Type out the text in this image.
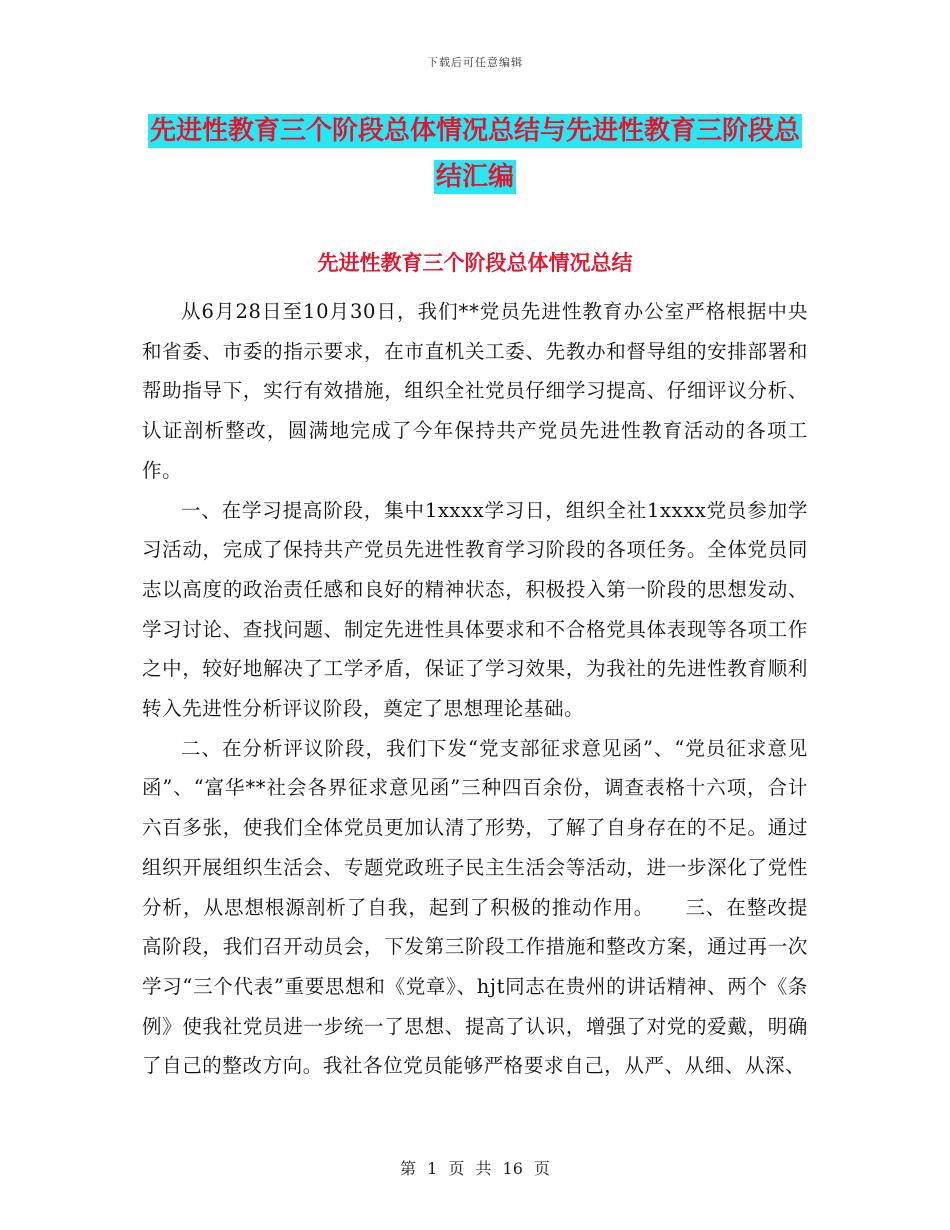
下载后可任意编辑
先进性教育三个阶段总体情况总结与先进性教育三阶段总结汇编
先进性教育三个阶段总体情况总结

从6月28日至10月30日，我们**党员先进性教育办公室严格根据中央和省委、市委的指示要求，在市直机关工委、先教办和督导组的安排部署和帮助指导下，实行有效措施，组织全社党员仔细学习提高、仔细评议分析、认证剖析整改，圆满地完成了今年保持共产党员先进性教育活动的各项工作。

一、在学习提高阶段，集中1xxxx学习日，组织全社1xxxx党员参加学习活动，完成了保持共产党员先进性教育学习阶段的各项任务。全体党员同志以高度的政治责任感和良好的精神状态，积极投入第一阶段的思想发动、学习讨论、查找问题、制定先进性具体要求和不合格党具体表现等各项工作之中，较好地解决了工学矛盾，保证了学习效果，为我社的先进性教育顺利转入先进性分析评议阶段，奠定了思想理论基础。

二、在分析评议阶段，我们下发“党支部征求意见函”、“党员征求意见函”、“富华**社会各界征求意见函”三种四百余份，调查表格十六项，合计六百多张，使我们全体党员更加认清了形势，了解了自身存在的不足。通过组织开展组织生活会、专题党政班子民主生活会等活动，进一步深化了党性分析，从思想根源剖析了自我，起到了积极的推动作用。　　三、在整改提高阶段，我们召开动员会，下发第三阶段工作措施和整改方案，通过再一次学习“三个代表”重要思想和《党章》、hjt同志在贵州的讲话精神、两个《条例》使我社党员进一步统一了思想、提高了认识，增强了对党的爱戴，明确了自己的整改方向。我社各位党员能够严格要求自己，从严、从细、从深、

第 1 页 共 16 页
